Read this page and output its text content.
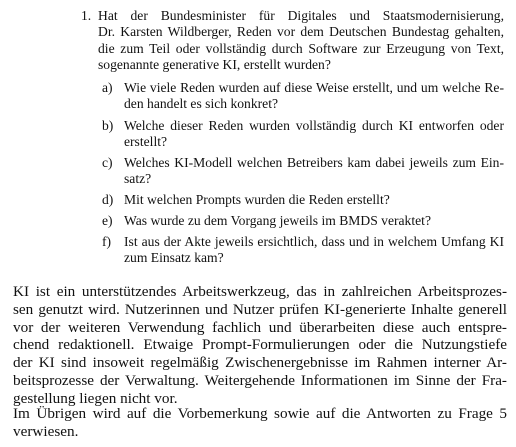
1. Hat der Bundesminister für Digitales und Staatsmodernisierung,
Dr. Karsten Wildberger, Reden vor dem Deutschen Bundestag gehalten,
die zum Teil oder vollständig durch Software zur Erzeugung von Text,
sogenannte generative KI, erstellt wurden?
a) Wie viele Reden wurden auf diese Weise erstellt, und um welche Re-
den handelt es sich konkret?
b) Welche dieser Reden wurden vollständig durch KI entworfen oder
erstellt?
c) Welches KI-Modell welchen Betreibers kam dabei jeweils zum Ein-
satz?
d) Mit welchen Prompts wurden die Reden erstellt?
e) Was wurde zu dem Vorgang jeweils im BMDS veraktet?
f) Ist aus der Akte jeweils ersichtlich, dass und in welchem Umfang KI
zum Einsatz kam?
KI ist ein unterstützendes Arbeitswerkzeug, das in zahlreichen Arbeitsprozes-
sen genutzt wird. Nutzerinnen und Nutzer prüfen KI-generierte Inhalte generell
vor der weiteren Verwendung fachlich und überarbeiten diese auch entspre-
chend redaktionell. Etwaige Prompt-Formulierungen oder die Nutzungstiefe
der KI sind insoweit regelmäßig Zwischenergebnisse im Rahmen interner Ar-
beitsprozesse der Verwaltung. Weitergehende Informationen im Sinne der Fra-
gestellung liegen nicht vor.
Im Übrigen wird auf die Vorbemerkung sowie auf die Antworten zu Frage 5
verwiesen.
